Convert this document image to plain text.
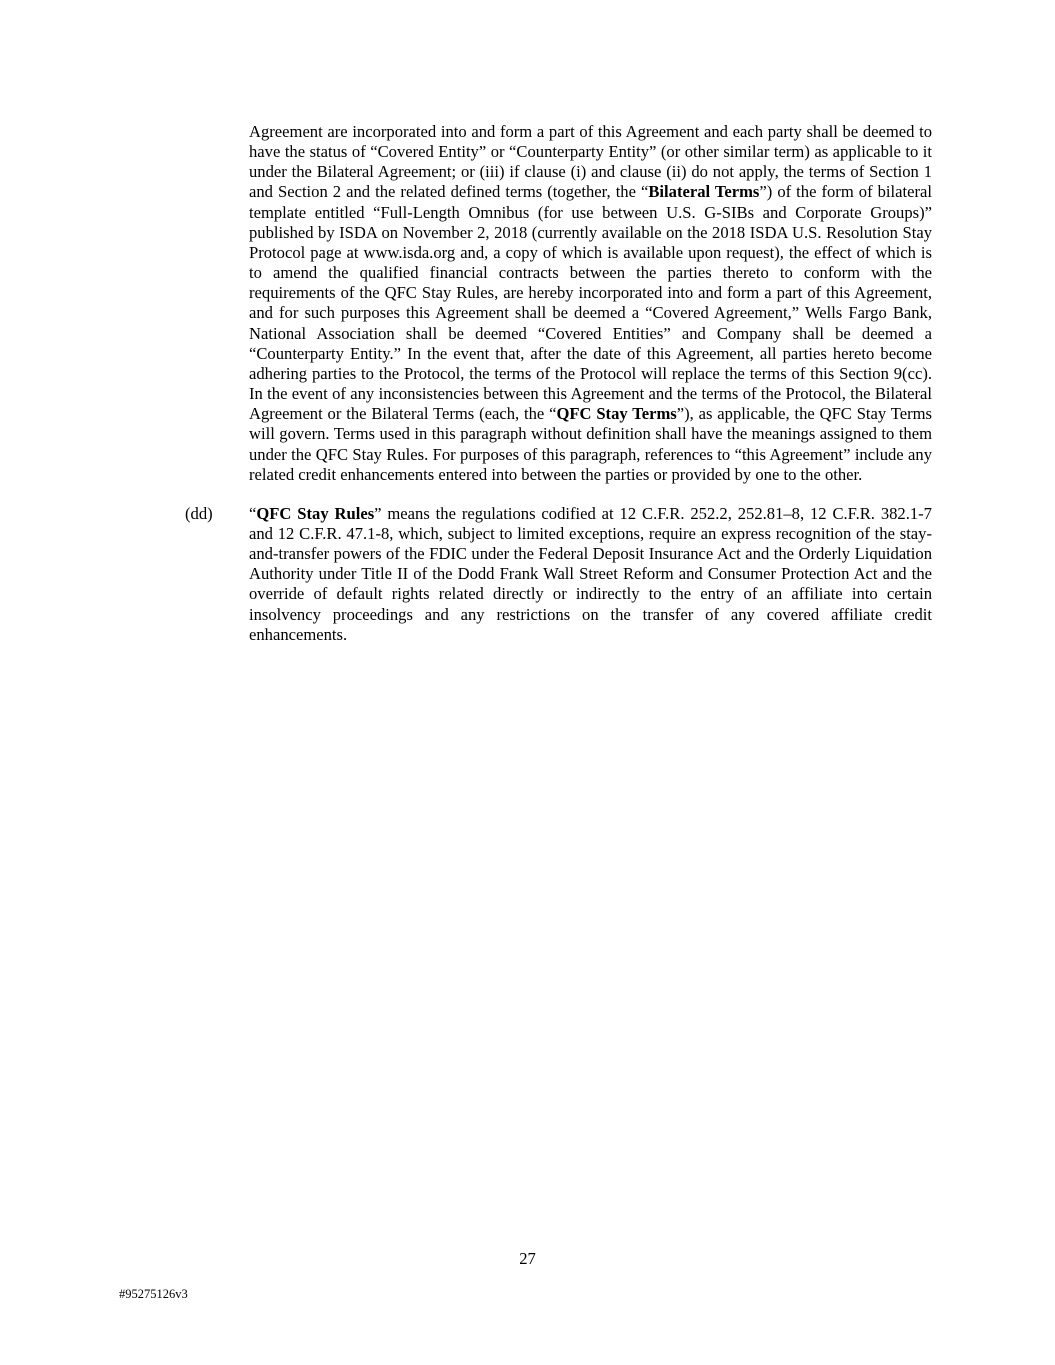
Agreement are incorporated into and form a part of this Agreement and each party shall be deemed to have the status of “Covered Entity” or “Counterparty Entity” (or other similar term) as applicable to it under the Bilateral Agreement; or (iii) if clause (i) and clause (ii) do not apply, the terms of Section 1 and Section 2 and the related defined terms (together, the “Bilateral Terms”) of the form of bilateral template entitled “Full-Length Omnibus (for use between U.S. G-SIBs and Corporate Groups)” published by ISDA on November 2, 2018 (currently available on the 2018 ISDA U.S. Resolution Stay Protocol page at www.isda.org and, a copy of which is available upon request), the effect of which is to amend the qualified financial contracts between the parties thereto to conform with the requirements of the QFC Stay Rules, are hereby incorporated into and form a part of this Agreement, and for such purposes this Agreement shall be deemed a “Covered Agreement,” Wells Fargo Bank, National Association shall be deemed “Covered Entities” and Company shall be deemed a “Counterparty Entity.” In the event that, after the date of this Agreement, all parties hereto become adhering parties to the Protocol, the terms of the Protocol will replace the terms of this Section 9(cc). In the event of any inconsistencies between this Agreement and the terms of the Protocol, the Bilateral Agreement or the Bilateral Terms (each, the “QFC Stay Terms”), as applicable, the QFC Stay Terms will govern. Terms used in this paragraph without definition shall have the meanings assigned to them under the QFC Stay Rules. For purposes of this paragraph, references to “this Agreement” include any related credit enhancements entered into between the parties or provided by one to the other.
(dd) “QFC Stay Rules” means the regulations codified at 12 C.F.R. 252.2, 252.81–8, 12 C.F.R. 382.1-7 and 12 C.F.R. 47.1-8, which, subject to limited exceptions, require an express recognition of the stay-and-transfer powers of the FDIC under the Federal Deposit Insurance Act and the Orderly Liquidation Authority under Title II of the Dodd Frank Wall Street Reform and Consumer Protection Act and the override of default rights related directly or indirectly to the entry of an affiliate into certain insolvency proceedings and any restrictions on the transfer of any covered affiliate credit enhancements.
27
#95275126v3
